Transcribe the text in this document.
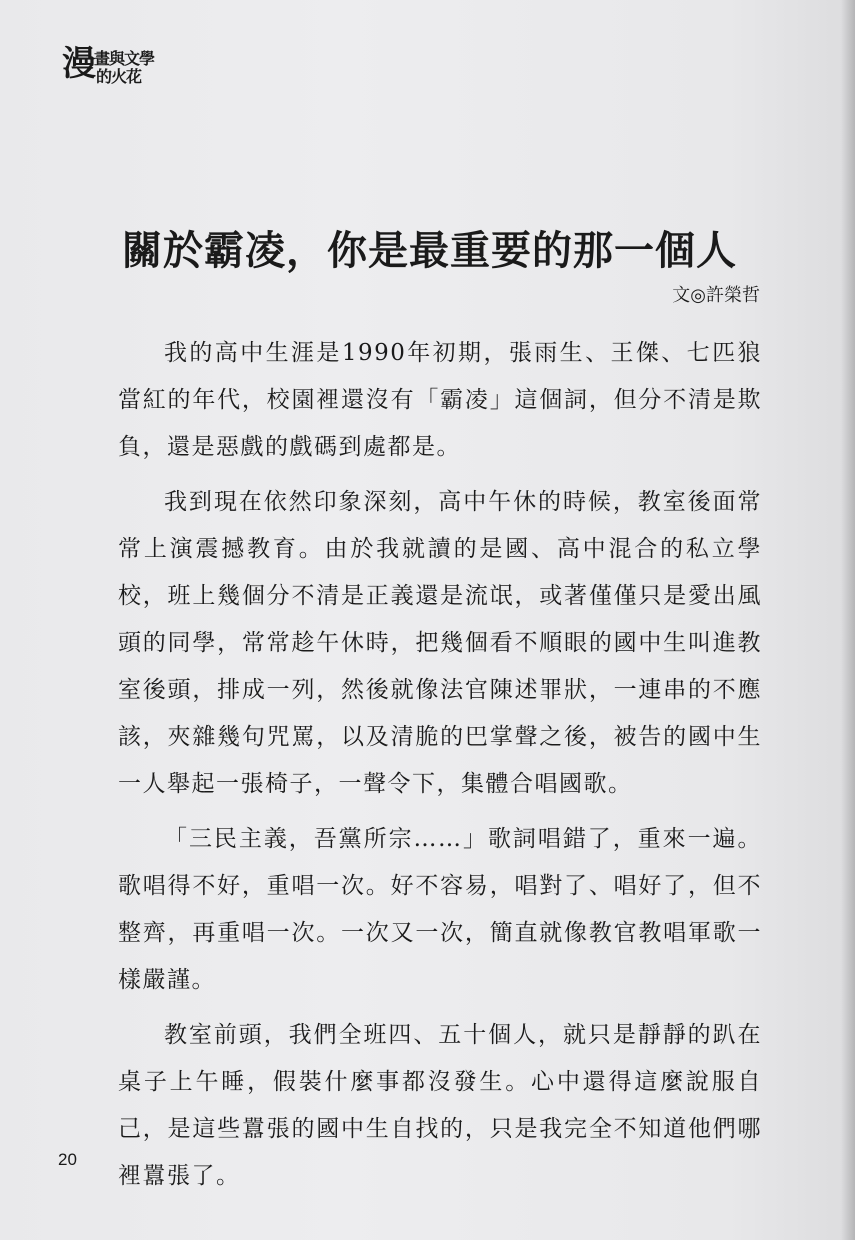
漫 畫與文學
的火花
關於霸凌，你是最重要的那一個人
文◎許榮哲

我的高中生涯是1990年初期，張雨生、王傑、七匹狼當紅的年代，校園裡還沒有「霸凌」這個詞，但分不清是欺負，還是惡戲的戲碼到處都是。

我到現在依然印象深刻，高中午休的時候，教室後面常常上演震撼教育。由於我就讀的是國、高中混合的私立學校，班上幾個分不清是正義還是流氓，或著僅僅只是愛出風頭的同學，常常趁午休時，把幾個看不順眼的國中生叫進教室後頭，排成一列，然後就像法官陳述罪狀，一連串的不應該，夾雜幾句咒罵，以及清脆的巴掌聲之後，被告的國中生一人舉起一張椅子，一聲令下，集體合唱國歌。

「三民主義，吾黨所宗……」歌詞唱錯了，重來一遍。歌唱得不好，重唱一次。好不容易，唱對了、唱好了，但不整齊，再重唱一次。一次又一次，簡直就像教官教唱軍歌一樣嚴謹。

教室前頭，我們全班四、五十個人，就只是靜靜的趴在桌子上午睡，假裝什麼事都沒發生。心中還得這麼說服自己，是這些囂張的國中生自找的，只是我完全不知道他們哪裡囂張了。

20
